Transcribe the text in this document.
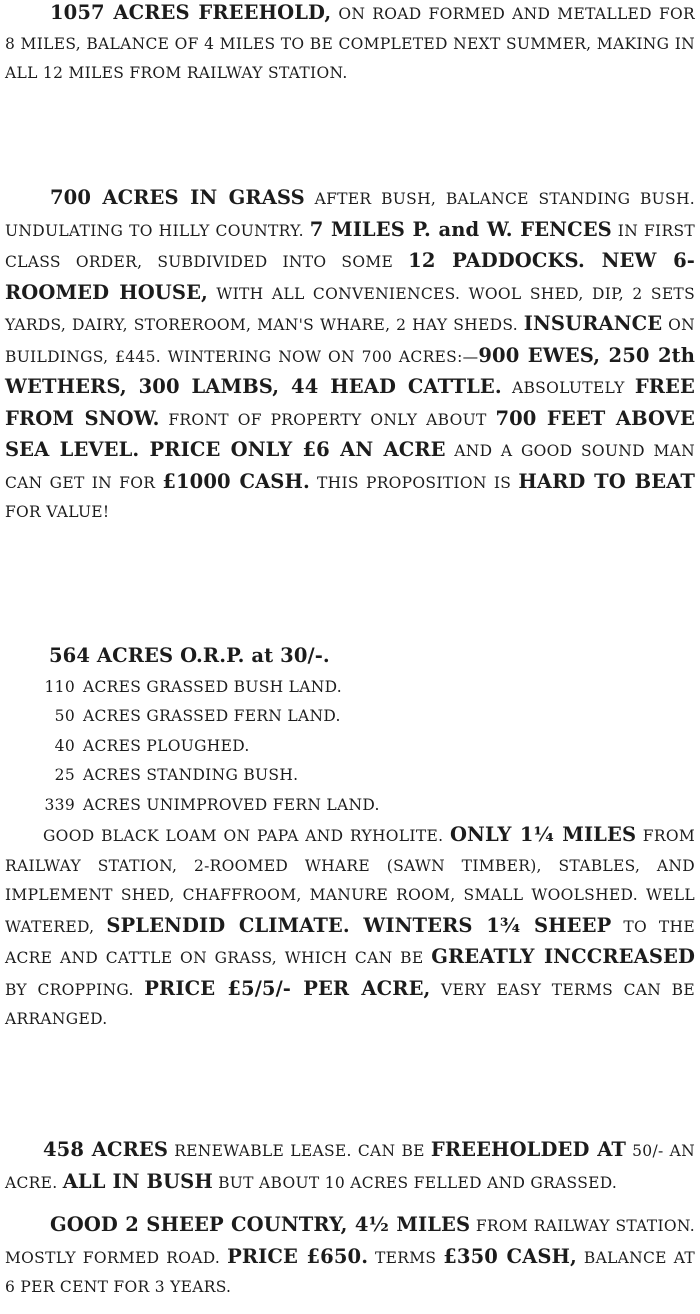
1057 ACRES FREEHOLD, ON ROAD FORMED AND METALLED FOR 8 MILES, BALANCE OF 4 MILES TO BE COMPLETED NEXT SUMMER, MAKING IN ALL 12 MILES FROM RAILWAY STATION.

700 ACRES IN GRASS AFTER BUSH, BALANCE STANDING BUSH. UNDULATING TO HILLY COUNTRY. 7 MILES P. and W. FENCES IN FIRST CLASS ORDER, SUBDIVIDED INTO SOME 12 PADDOCKS. NEW 6-ROOMED HOUSE, WITH ALL CONVENIENCES. WOOL SHED, DIP, 2 SETS YARDS, DAIRY, STOREROOM, MAN'S WHARE, 2 HAY SHEDS. INSURANCE ON BUILDINGS, £445. WINTERING NOW ON 700 ACRES:—900 EWES, 250 2th WETHERS, 300 LAMBS, 44 HEAD CATTLE. ABSOLUTELY FREE FROM SNOW. FRONT OF PROPERTY ONLY ABOUT 700 FEET ABOVE SEA LEVEL. PRICE ONLY £6 AN ACRE AND A GOOD SOUND MAN CAN GET IN FOR £1000 CASH. THIS PROPOSITION IS HARD TO BEAT FOR VALUE!

564 ACRES O.R.P. at 30/-.
110 ACRES GRASSED BUSH LAND.
50 ACRES GRASSED FERN LAND.
40 ACRES PLOUGHED.
25 ACRES STANDING BUSH.
339 ACRES UNIMPROVED FERN LAND.

GOOD BLACK LOAM ON PAPA AND RYHOLITE. ONLY 1¼ MILES FROM RAILWAY STATION, 2-ROOMED WHARE (SAWN TIMBER), STABLES, AND IMPLEMENT SHED, CHAFFROOM, MANURE ROOM, SMALL WOOLSHED. WELL WATERED, SPLENDID CLIMATE. WINTERS 1¾ SHEEP TO THE ACRE AND CATTLE ON GRASS, WHICH CAN BE GREATLY INCCREASED BY CROPPING. PRICE £5/5/- PER ACRE, VERY EASY TERMS CAN BE ARRANGED.

458 ACRES RENEWABLE LEASE. CAN BE FREEHOLDED AT 50/- AN ACRE. ALL IN BUSH BUT ABOUT 10 ACRES FELLED AND GRASSED.

GOOD 2 SHEEP COUNTRY, 4½ MILES FROM RAILWAY STATION. MOSTLY FORMED ROAD. PRICE £650. TERMS £350 CASH, BALANCE AT 6 PER CENT FOR 3 YEARS.
